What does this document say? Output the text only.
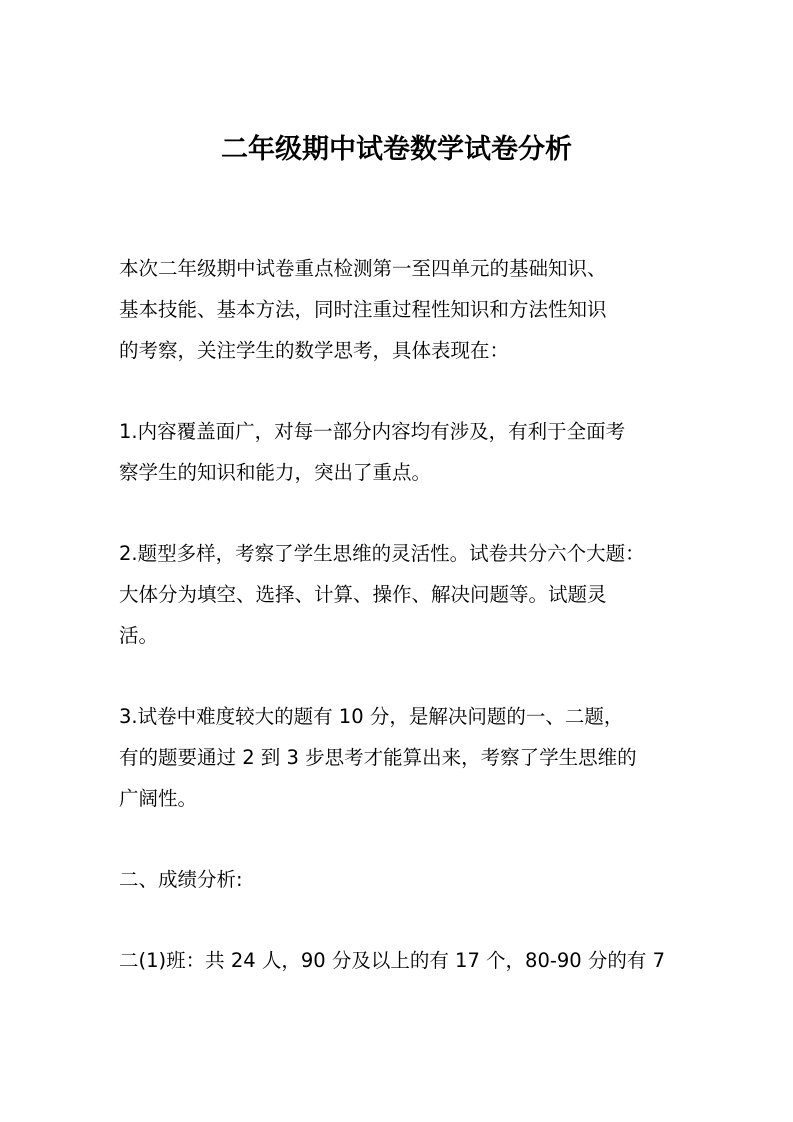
二年级期中试卷数学试卷分析

本次二年级期中试卷重点检测第一至四单元的基础知识、
基本技能、基本方法，同时注重过程性知识和方法性知识
的考察，关注学生的数学思考，具体表现在：

1.内容覆盖面广，对每一部分内容均有涉及，有利于全面考
察学生的知识和能力，突出了重点。

2.题型多样，考察了学生思维的灵活性。试卷共分六个大题：
大体分为填空、选择、计算、操作、解决问题等。试题灵
活。

3.试卷中难度较大的题有 10 分，是解决问题的一、二题，
有的题要通过 2 到 3 步思考才能算出来，考察了学生思维的
广阔性。

二、成绩分析:

二(1)班：共 24 人，90 分及以上的有 17 个，80-90 分的有 7
